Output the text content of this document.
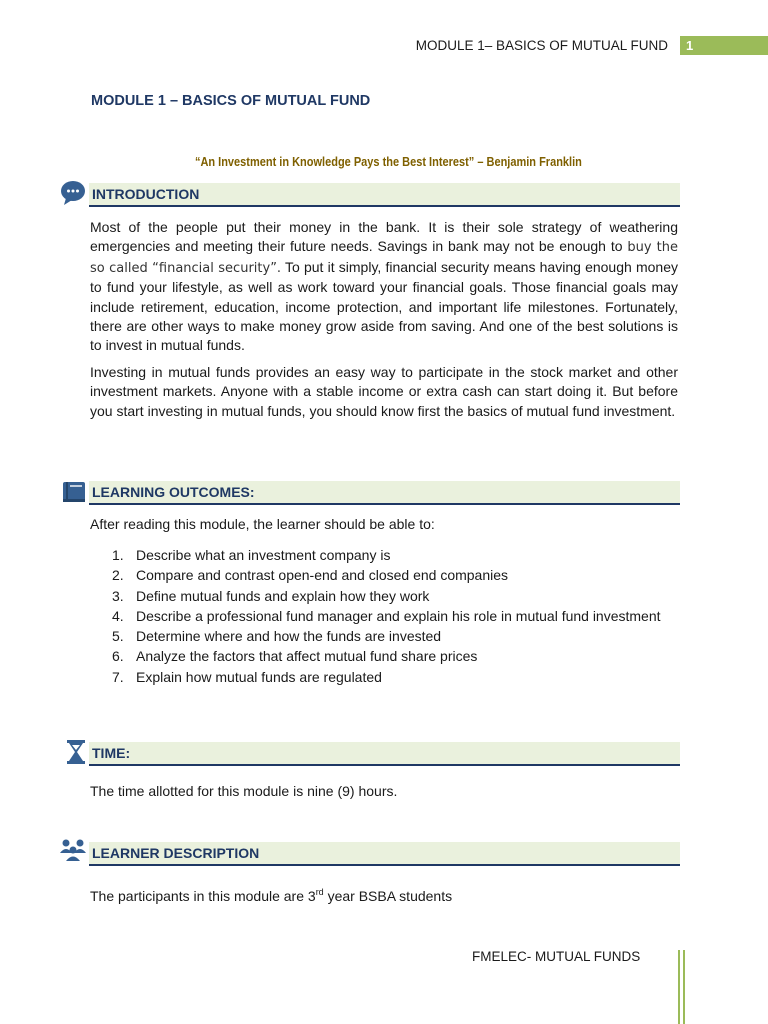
MODULE 1– BASICS OF MUTUAL FUND 1
MODULE 1 – BASICS OF MUTUAL FUND
“An Investment in Knowledge Pays the Best Interest” – Benjamin Franklin
INTRODUCTION
Most of the people put their money in the bank. It is their sole strategy of weathering emergencies and meeting their future needs. Savings in bank may not be enough to buy the so called “financial security”. To put it simply, financial security means having enough money to fund your lifestyle, as well as work toward your financial goals. Those financial goals may include retirement, education, income protection, and important life milestones. Fortunately, there are other ways to make money grow aside from saving. And one of the best solutions is to invest in mutual funds.
Investing in mutual funds provides an easy way to participate in the stock market and other investment markets. Anyone with a stable income or extra cash can start doing it. But before you start investing in mutual funds, you should know first the basics of mutual fund investment.
LEARNING OUTCOMES:
After reading this module, the learner should be able to:
1. Describe what an investment company is
2. Compare and contrast open-end and closed end companies
3. Define mutual funds and explain how they work
4. Describe a professional fund manager and explain his role in mutual fund investment
5. Determine where and how the funds are invested
6. Analyze the factors that affect mutual fund share prices
7. Explain how mutual funds are regulated
TIME:
The time allotted for this module is nine (9) hours.
LEARNER DESCRIPTION
The participants in this module are 3rd year BSBA students
FMELEC- MUTUAL FUNDS
